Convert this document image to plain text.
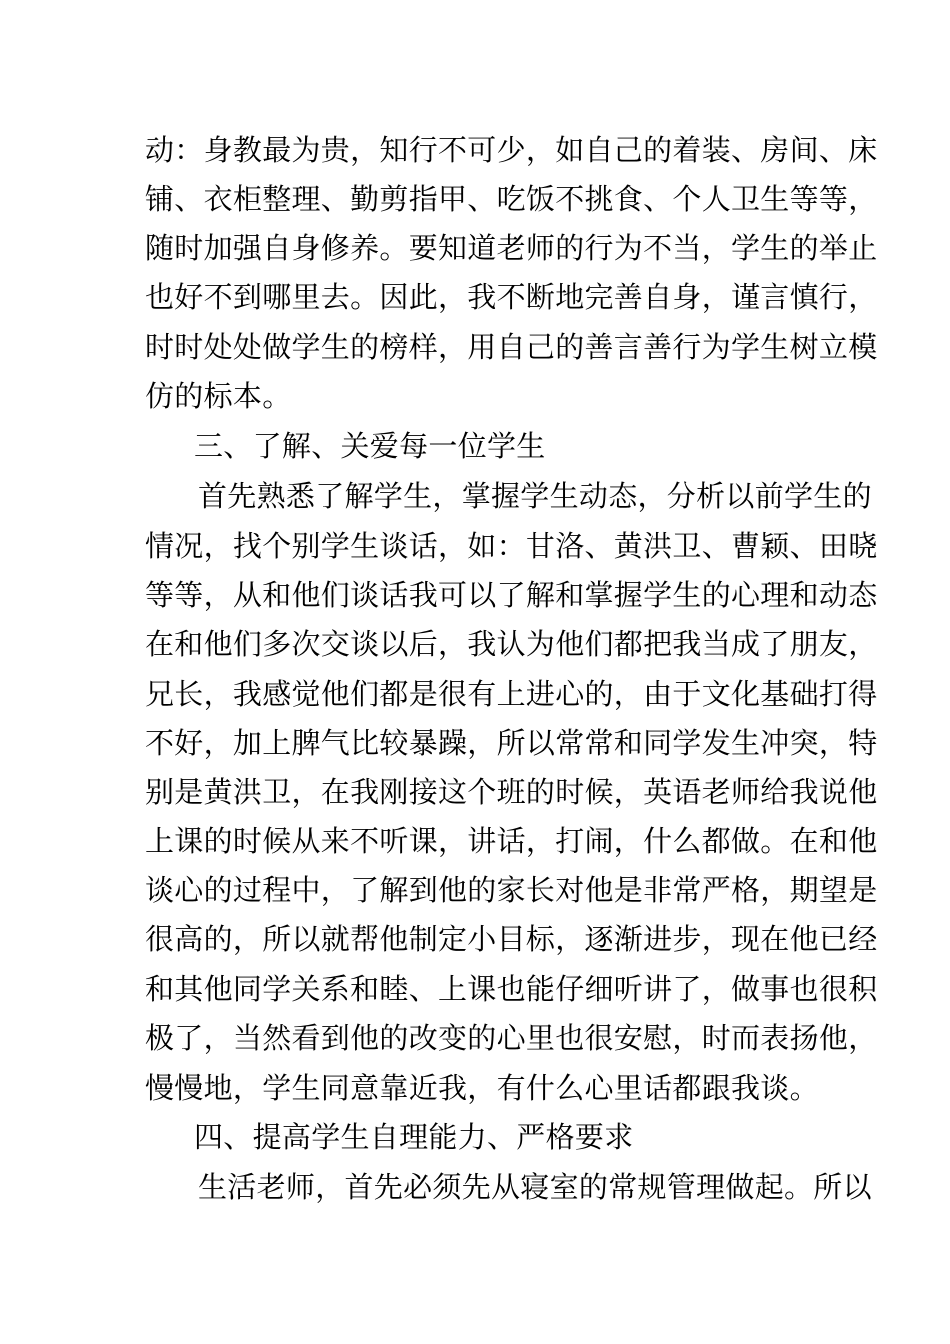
动：身教最为贵，知行不可少，如自己的着装、房间、床
铺、衣柜整理、勤剪指甲、吃饭不挑食、个人卫生等等，
随时加强自身修养。要知道老师的行为不当，学生的举止
也好不到哪里去。因此，我不断地完善自身，谨言慎行，
时时处处做学生的榜样，用自己的善言善行为学生树立模
仿的标本。
三、了解、关爱每一位学生
首先熟悉了解学生，掌握学生动态，分析以前学生的
情况，找个别学生谈话，如：甘洛、黄洪卫、曹颖、田晓
等等，从和他们谈话我可以了解和掌握学生的心理和动态
在和他们多次交谈以后，我认为他们都把我当成了朋友，
兄长，我感觉他们都是很有上进心的，由于文化基础打得
不好，加上脾气比较暴躁，所以常常和同学发生冲突，特
别是黄洪卫，在我刚接这个班的时候，英语老师给我说他
上课的时候从来不听课，讲话，打闹，什么都做。在和他
谈心的过程中，了解到他的家长对他是非常严格，期望是
很高的，所以就帮他制定小目标，逐渐进步，现在他已经
和其他同学关系和睦、上课也能仔细听讲了，做事也很积
极了，当然看到他的改变的心里也很安慰，时而表扬他，
慢慢地，学生同意靠近我，有什么心里话都跟我谈。
四、提高学生自理能力、严格要求
生活老师，首先必须先从寝室的常规管理做起。所以
